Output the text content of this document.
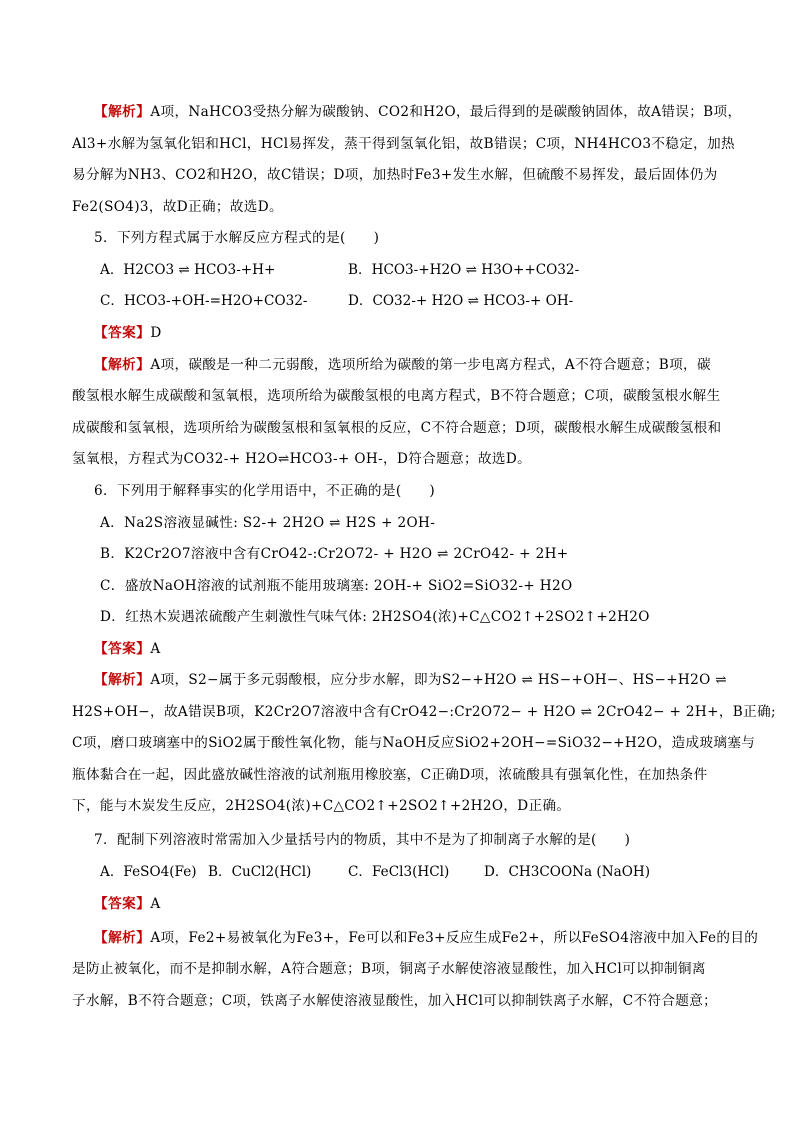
【解析】A项，NaHCO3受热分解为碳酸钠、CO2和H2O，最后得到的是碳酸钠固体，故A错误；B项，
Al3+水解为氢氧化铝和HCl，HCl易挥发，蒸干得到氢氧化铝，故B错误；C项，NH4HCO3不稳定，加热
易分解为NH3、CO2和H2O，故C错误；D项，加热时Fe3+发生水解，但硫酸不易挥发，最后固体仍为
Fe2(SO4)3，故D正确；故选D。
5．下列方程式属于水解反应方程式的是(　　)
A．H2CO3 ⇌ HCO3-+H+	B．HCO3-+H2O ⇌ H3O++CO32-
C．HCO3-+OH-=H2O+CO32-	D．CO32-+ H2O ⇌ HCO3-+ OH-
【答案】D
【解析】A项，碳酸是一种二元弱酸，选项所给为碳酸的第一步电离方程式，A不符合题意；B项，碳
酸氢根水解生成碳酸和氢氧根，选项所给为碳酸氢根的电离方程式，B不符合题意；C项，碳酸氢根水解生
成碳酸和氢氧根，选项所给为碳酸氢根和氢氧根的反应，C不符合题意；D项，碳酸根水解生成碳酸氢根和
氢氧根，方程式为CO32-+ H2O⇌HCO3-+ OH-，D符合题意；故选D。
6．下列用于解释事实的化学用语中，不正确的是(　　)
A．Na2S溶液显碱性: S2-+ 2H2O ⇌ H2S + 2OH-
B．K2Cr2O7溶液中含有CrO42-:Cr2O72- + H2O ⇌ 2CrO42- + 2H+
C．盛放NaOH溶液的试剂瓶不能用玻璃塞: 2OH-+ SiO2=SiO32-+ H2O
D．红热木炭遇浓硫酸产生刺激性气味气体: 2H2SO4(浓)+C△CO2↑+2SO2↑+2H2O
【答案】A
【解析】A项，S2−属于多元弱酸根，应分步水解，即为S2−+H2O ⇌ HS−+OH−、HS−+H2O ⇌
H2S+OH−，故A错误B项，K2Cr2O7溶液中含有CrO42−:Cr2O72− + H2O ⇌ 2CrO42− + 2H+，B正确;
C项，磨口玻璃塞中的SiO2属于酸性氧化物，能与NaOH反应SiO2+2OH−=SiO32−+H2O，造成玻璃塞与
瓶体黏合在一起，因此盛放碱性溶液的试剂瓶用橡胶塞，C正确D项，浓硫酸具有强氧化性，在加热条件
下，能与木炭发生反应，2H2SO4(浓)+C△CO2↑+2SO2↑+2H2O，D正确。
7．配制下列溶液时常需加入少量括号内的物质，其中不是为了抑制离子水解的是(　　)
A．FeSO4(Fe) B．CuCl2(HCl)	C．FeCl3(HCl)	D．CH3COONa (NaOH)
【答案】A
【解析】A项，Fe2+易被氧化为Fe3+，Fe可以和Fe3+反应生成Fe2+，所以FeSO4溶液中加入Fe的目的
是防止被氧化，而不是抑制水解，A符合题意；B项，铜离子水解使溶液显酸性，加入HCl可以抑制铜离
子水解，B不符合题意；C项，铁离子水解使溶液显酸性，加入HCl可以抑制铁离子水解，C不符合题意；
